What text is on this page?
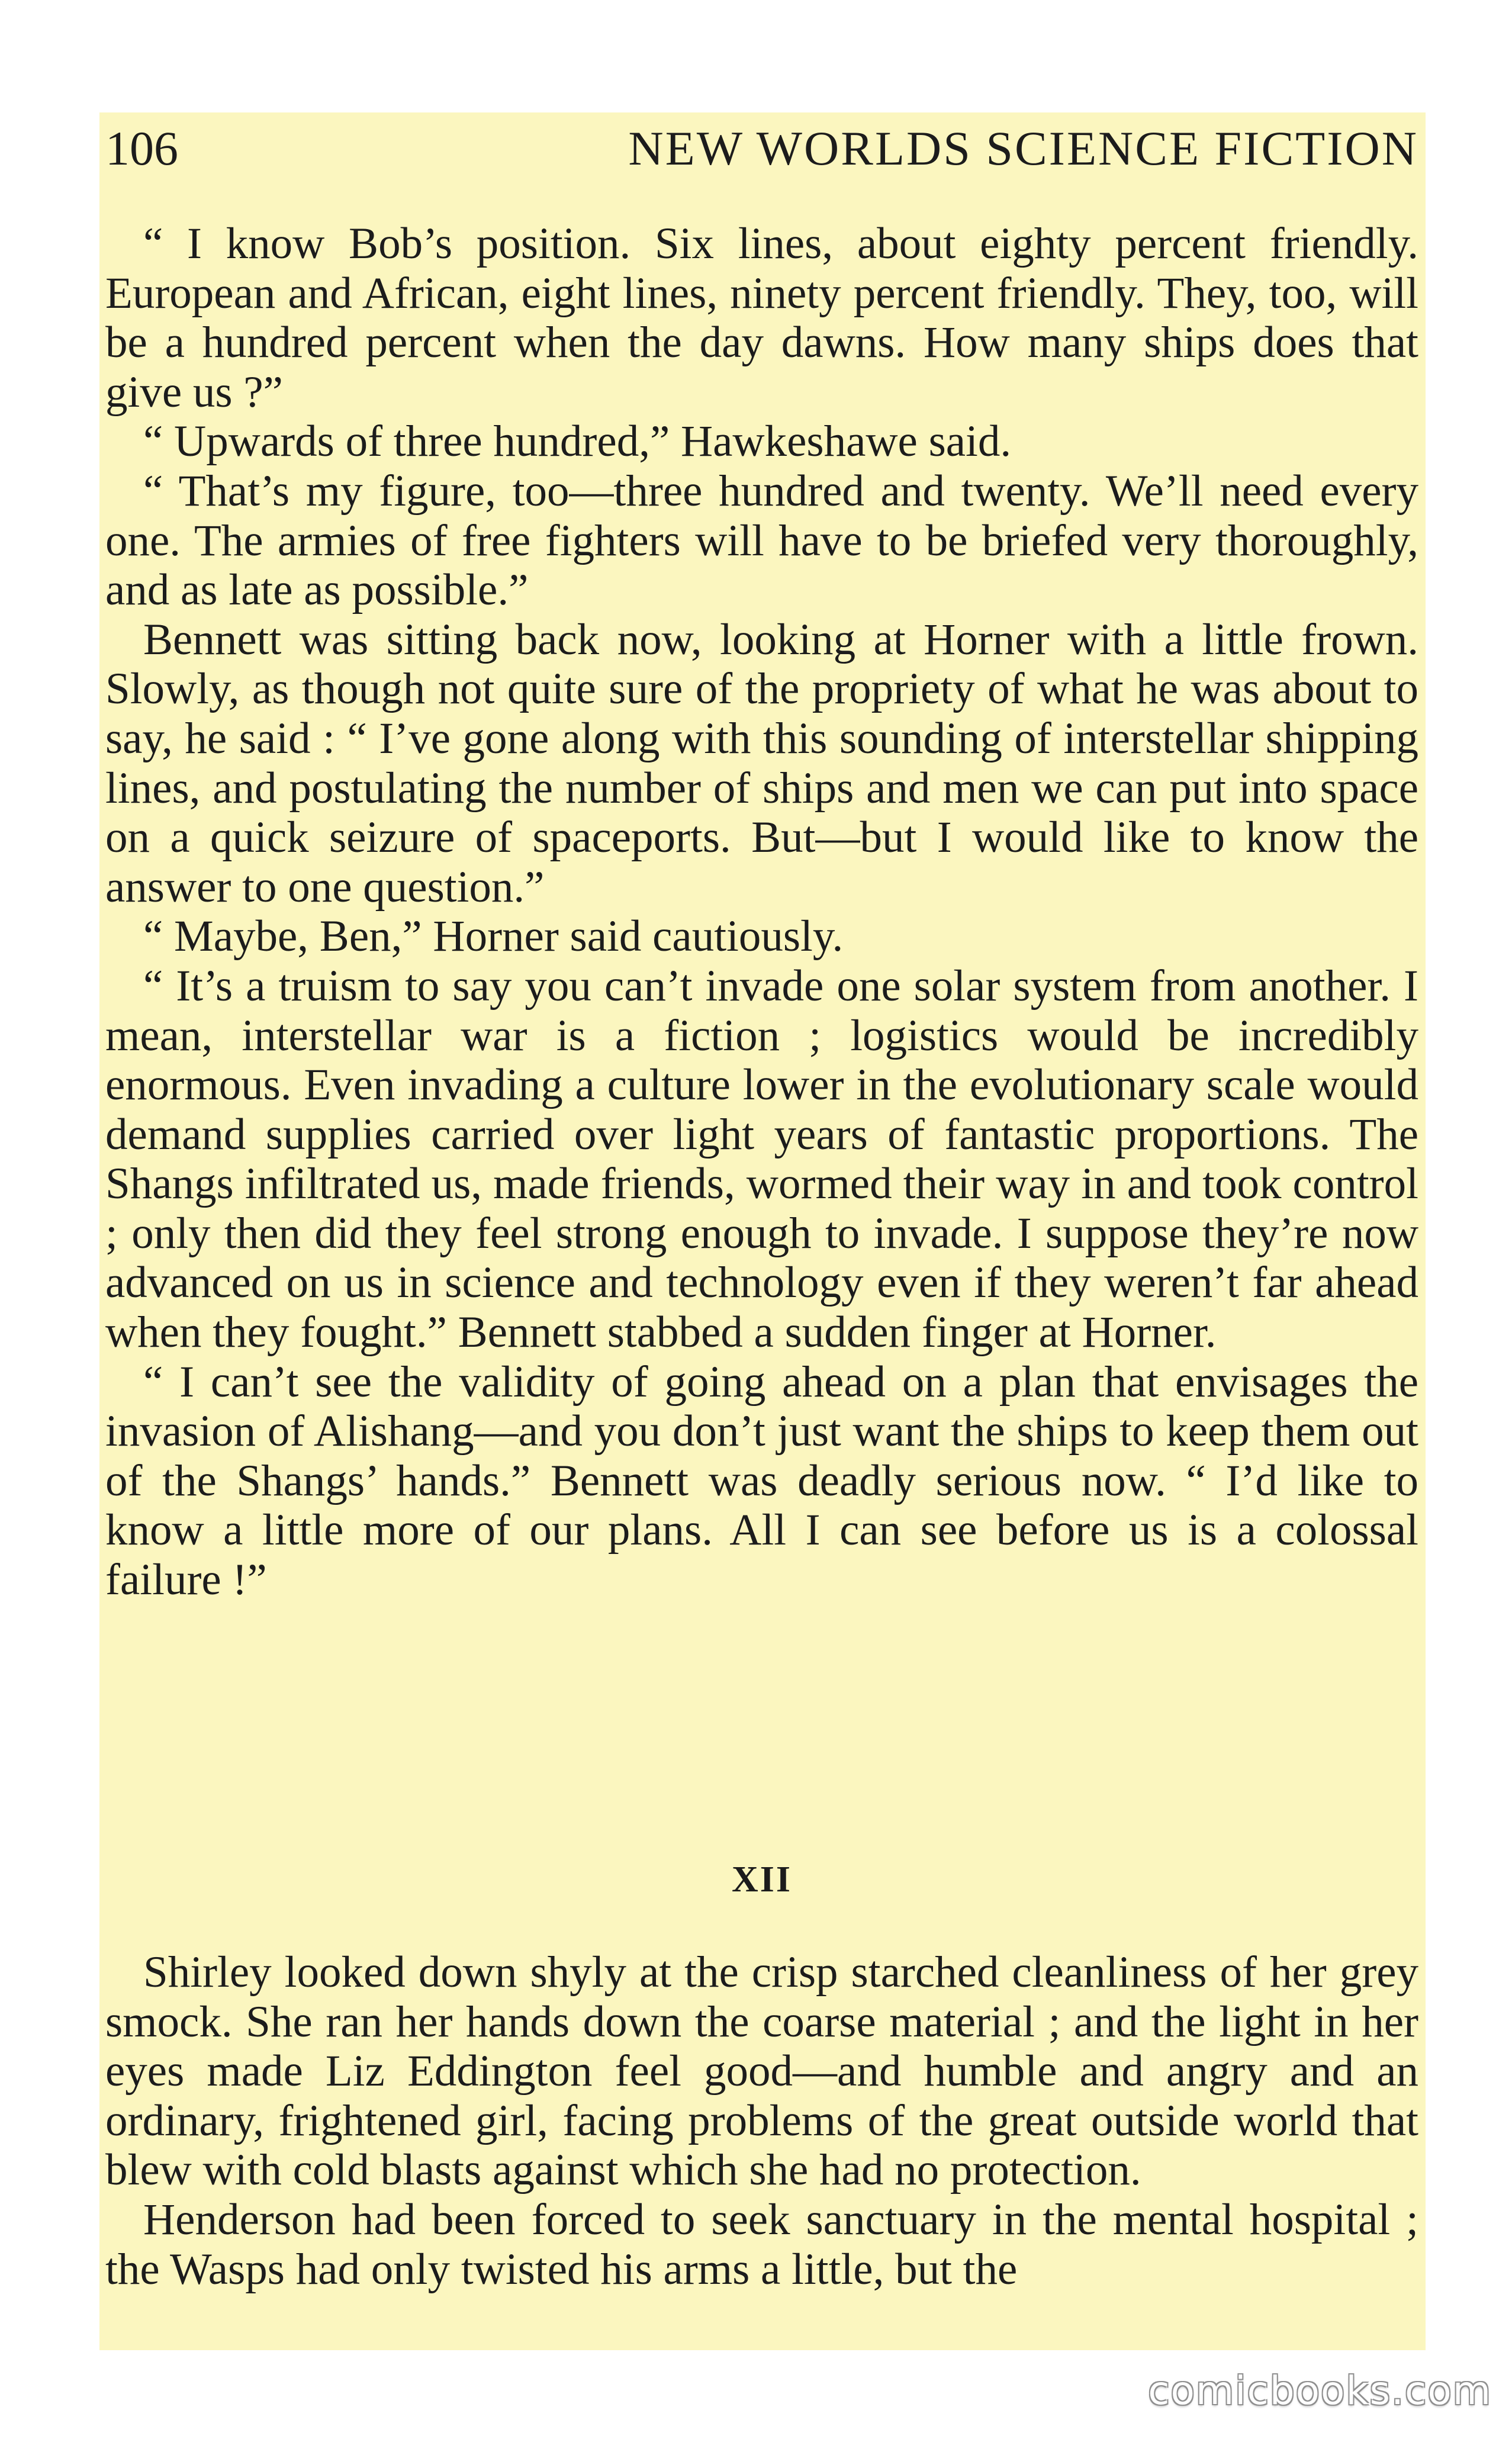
106	NEW WORLDS SCIENCE FICTION

“ I know Bob’s position. Six lines, about eighty percent friendly. European and African, eight lines, ninety percent friendly. They, too, will be a hundred percent when the day dawns. How many ships does that give us ?”

“ Upwards of three hundred,” Hawkeshawe said.

“ That’s my figure, too—three hundred and twenty. We’ll need every one. The armies of free fighters will have to be briefed very thoroughly, and as late as possible.”

Bennett was sitting back now, looking at Horner with a little frown. Slowly, as though not quite sure of the propriety of what he was about to say, he said : “ I’ve gone along with this sounding of interstellar shipping lines, and postulating the number of ships and men we can put into space on a quick seizure of spaceports. But—but I would like to know the answer to one question.”

“ Maybe, Ben,” Horner said cautiously.

“ It’s a truism to say you can’t invade one solar system from another. I mean, interstellar war is a fiction ; logistics would be incredibly enormous. Even invading a culture lower in the evolutionary scale would demand supplies carried over light years of fantastic proportions. The Shangs infiltrated us, made friends, wormed their way in and took control ; only then did they feel strong enough to invade. I suppose they’re now advanced on us in science and technology even if they weren’t far ahead when they fought.” Bennett stabbed a sudden finger at Horner.

“ I can’t see the validity of going ahead on a plan that envisages the invasion of Alishang—and you don’t just want the ships to keep them out of the Shangs’ hands.” Bennett was deadly serious now. “ I’d like to know a little more of our plans. All I can see before us is a colossal failure !”

XII

Shirley looked down shyly at the crisp starched cleanliness of her grey smock. She ran her hands down the coarse material ; and the light in her eyes made Liz Eddington feel good—and humble and angry and an ordinary, frightened girl, facing problems of the great outside world that blew with cold blasts against which she had no protection.

Henderson had been forced to seek sanctuary in the mental hospital ; the Wasps had only twisted his arms a little, but the

comicbooks.com
